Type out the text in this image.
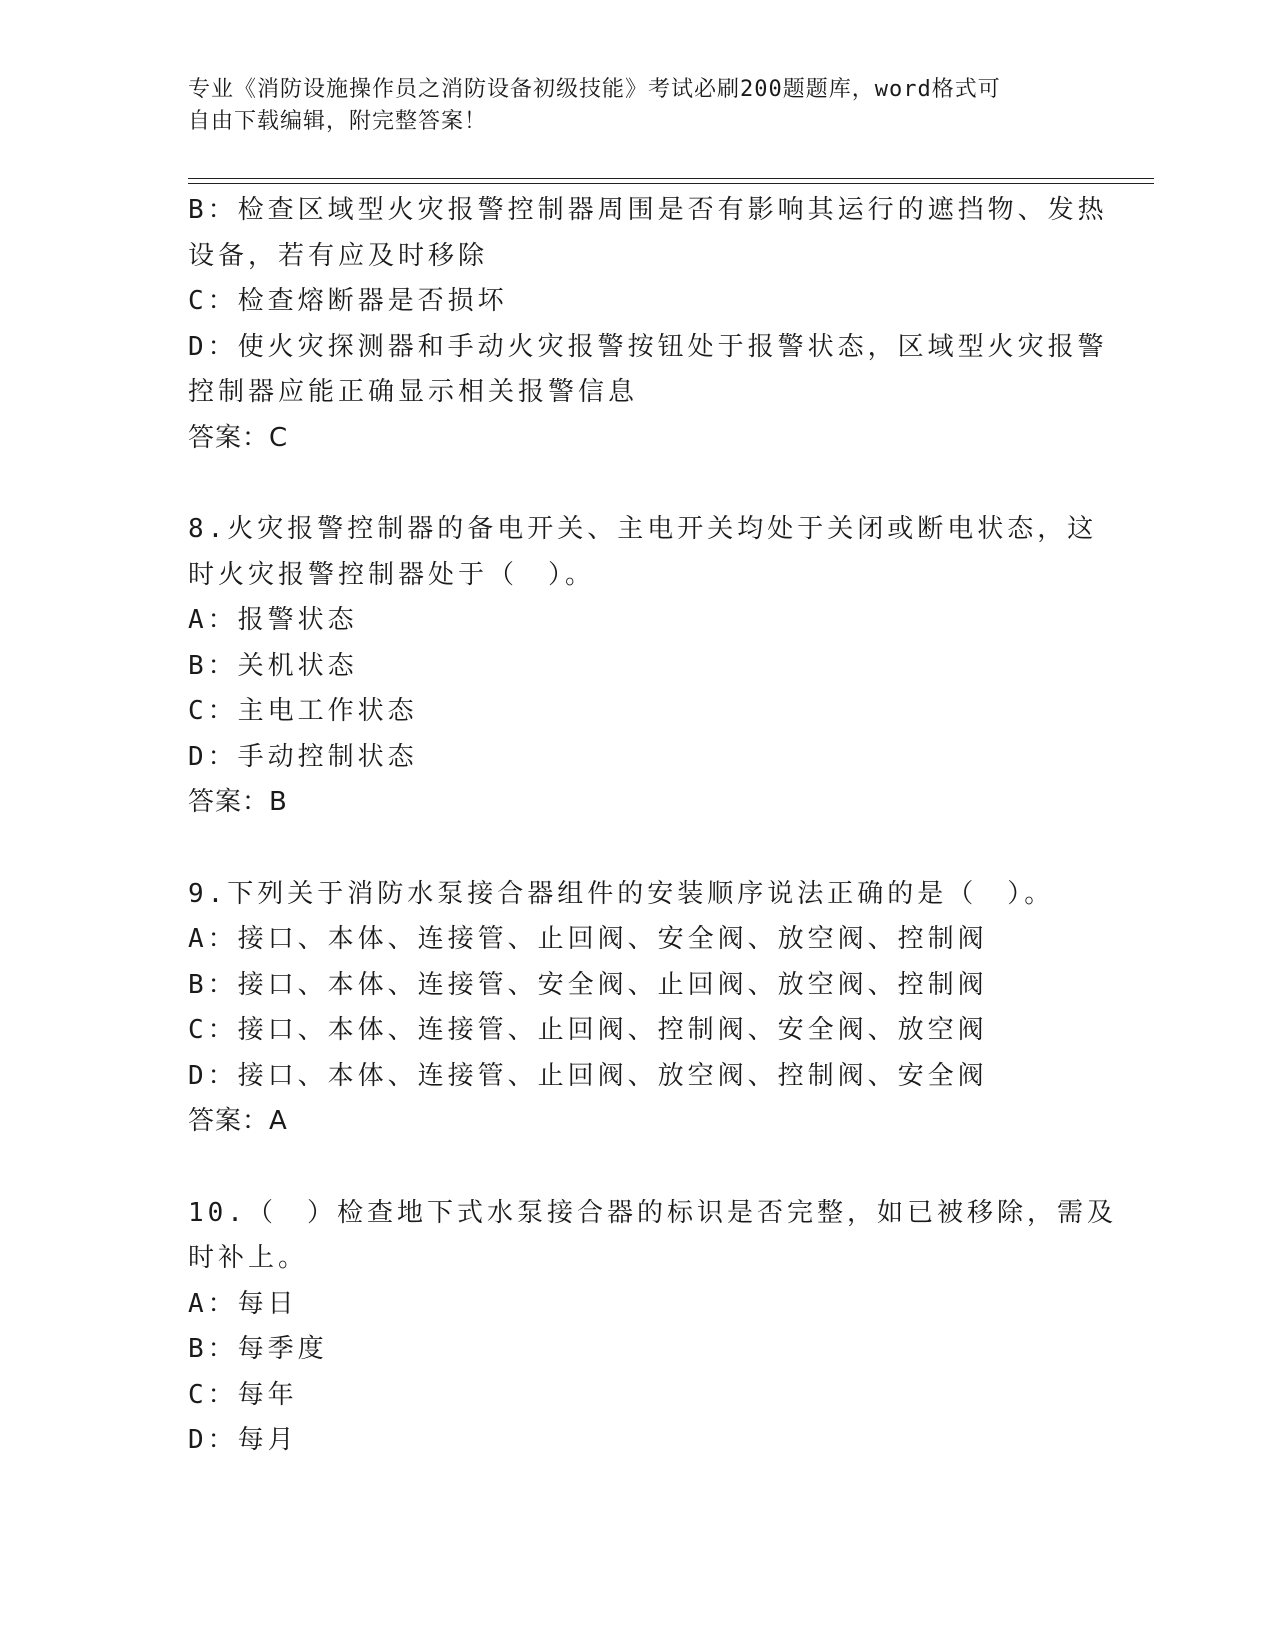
专业《消防设施操作员之消防设备初级技能》考试必刷200题题库，word格式可
自由下载编辑，附完整答案！
B：检查区域型火灾报警控制器周围是否有影响其运行的遮挡物、发热
设备，若有应及时移除
C：检查熔断器是否损坏
D：使火灾探测器和手动火灾报警按钮处于报警状态，区域型火灾报警
控制器应能正确显示相关报警信息
答案：C
8.火灾报警控制器的备电开关、主电开关均处于关闭或断电状态，这
时火灾报警控制器处于（　）。
A：报警状态
B：关机状态
C：主电工作状态
D：手动控制状态
答案：B
9.下列关于消防水泵接合器组件的安装顺序说法正确的是（　）。
A：接口、本体、连接管、止回阀、安全阀、放空阀、控制阀
B：接口、本体、连接管、安全阀、止回阀、放空阀、控制阀
C：接口、本体、连接管、止回阀、控制阀、安全阀、放空阀
D：接口、本体、连接管、止回阀、放空阀、控制阀、安全阀
答案：A
10.（　）检查地下式水泵接合器的标识是否完整，如已被移除，需及
时补上。
A：每日
B：每季度
C：每年
D：每月
